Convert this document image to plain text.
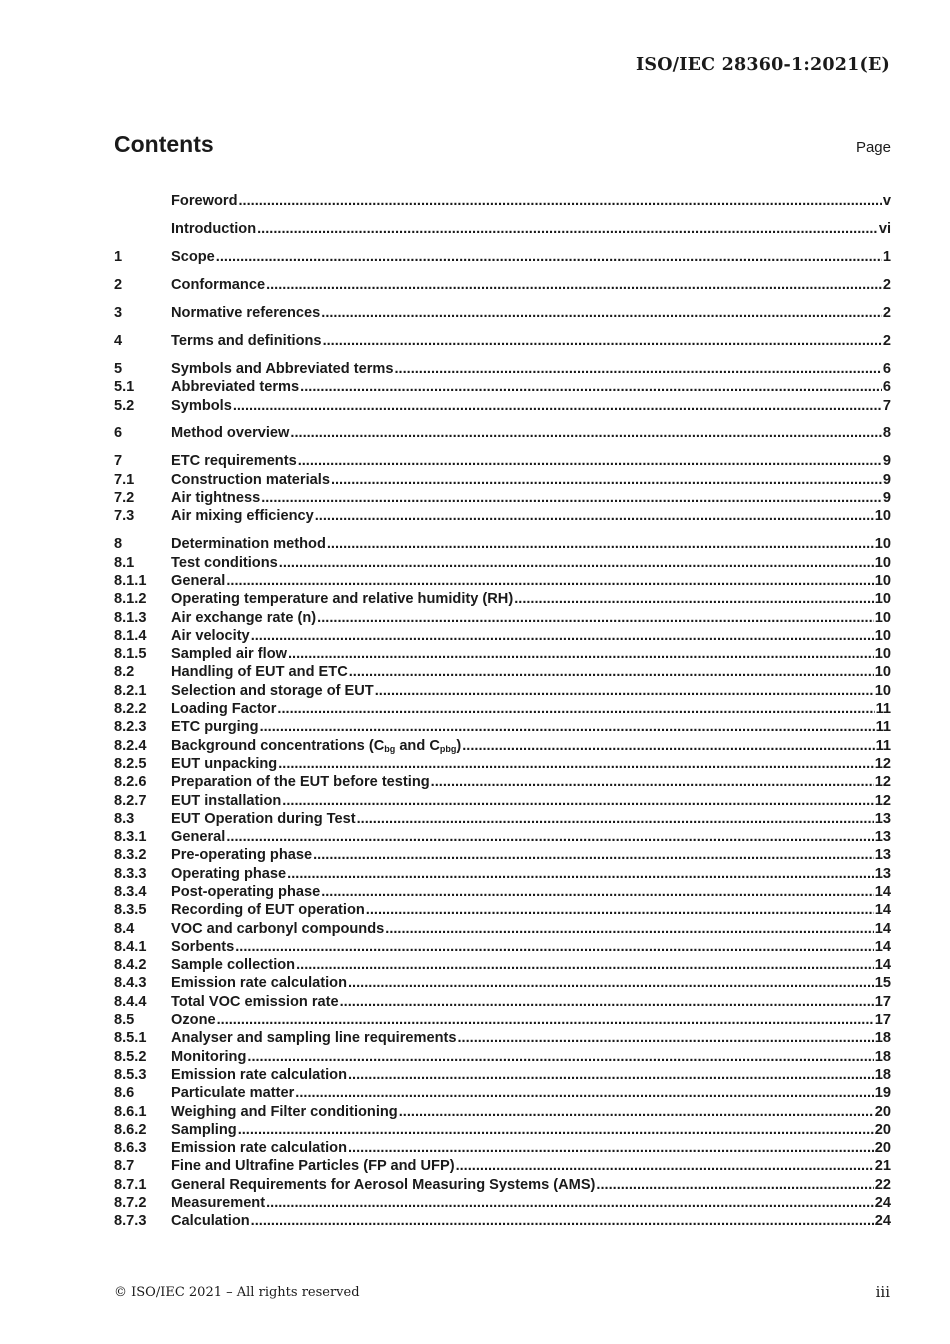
ISO/IEC 28360-1:2021(E)
Contents	Page
Foreword .....	v
Introduction .....	vi
1	Scope .....	1
2	Conformance .....	2
3	Normative references .....	2
4	Terms and definitions .....	2
5	Symbols and Abbreviated terms .....	6
5.1	Abbreviated terms .....	6
5.2	Symbols .....	7
6	Method overview .....	8
7	ETC requirements .....	9
7.1	Construction materials .....	9
7.2	Air tightness .....	9
7.3	Air mixing efficiency .....	10
8	Determination method .....	10
8.1	Test conditions .....	10
8.1.1 General .....	10
8.1.2 Operating temperature and relative humidity (RH) .....	10
8.1.3 Air exchange rate (n) .....	10
8.1.4 Air velocity .....	10
8.1.5 Sampled air flow .....	10
8.2	Handling of EUT and ETC .....	10
8.2.1 Selection and storage of EUT .....	10
8.2.2 Loading Factor .....	11
8.2.3 ETC purging .....	11
8.2.4 Background concentrations ($C_{bg}$ and $C_{pbg}$) .....	11
8.2.5 EUT unpacking .....	12
8.2.6 Preparation of the EUT before testing .....	12
8.2.7 EUT installation .....	12
8.3	EUT Operation during Test .....	13
8.3.1 General .....	13
8.3.2 Pre-operating phase .....	13
8.3.3 Operating phase .....	13
8.3.4 Post-operating phase .....	14
8.3.5 Recording of EUT operation .....	14
8.4	VOC and carbonyl compounds .....	14
8.4.1 Sorbents .....	14
8.4.2 Sample collection .....	14
8.4.3 Emission rate calculation .....	15
8.4.4 Total VOC emission rate .....	17
8.5	Ozone .....	17
8.5.1 Analyser and sampling line requirements .....	18
8.5.2 Monitoring .....	18
8.5.3 Emission rate calculation .....	18
8.6	Particulate matter .....	19
8.6.1 Weighing and Filter conditioning .....	20
8.6.2 Sampling .....	20
8.6.3 Emission rate calculation .....	20
8.7	Fine and Ultrafine Particles (FP and UFP) .....	21
8.7.1 General Requirements for Aerosol Measuring Systems (AMS) .....	22
8.7.2 Measurement .....	24
8.7.3 Calculation .....	24
© ISO/IEC 2021 – All rights reserved	iii
